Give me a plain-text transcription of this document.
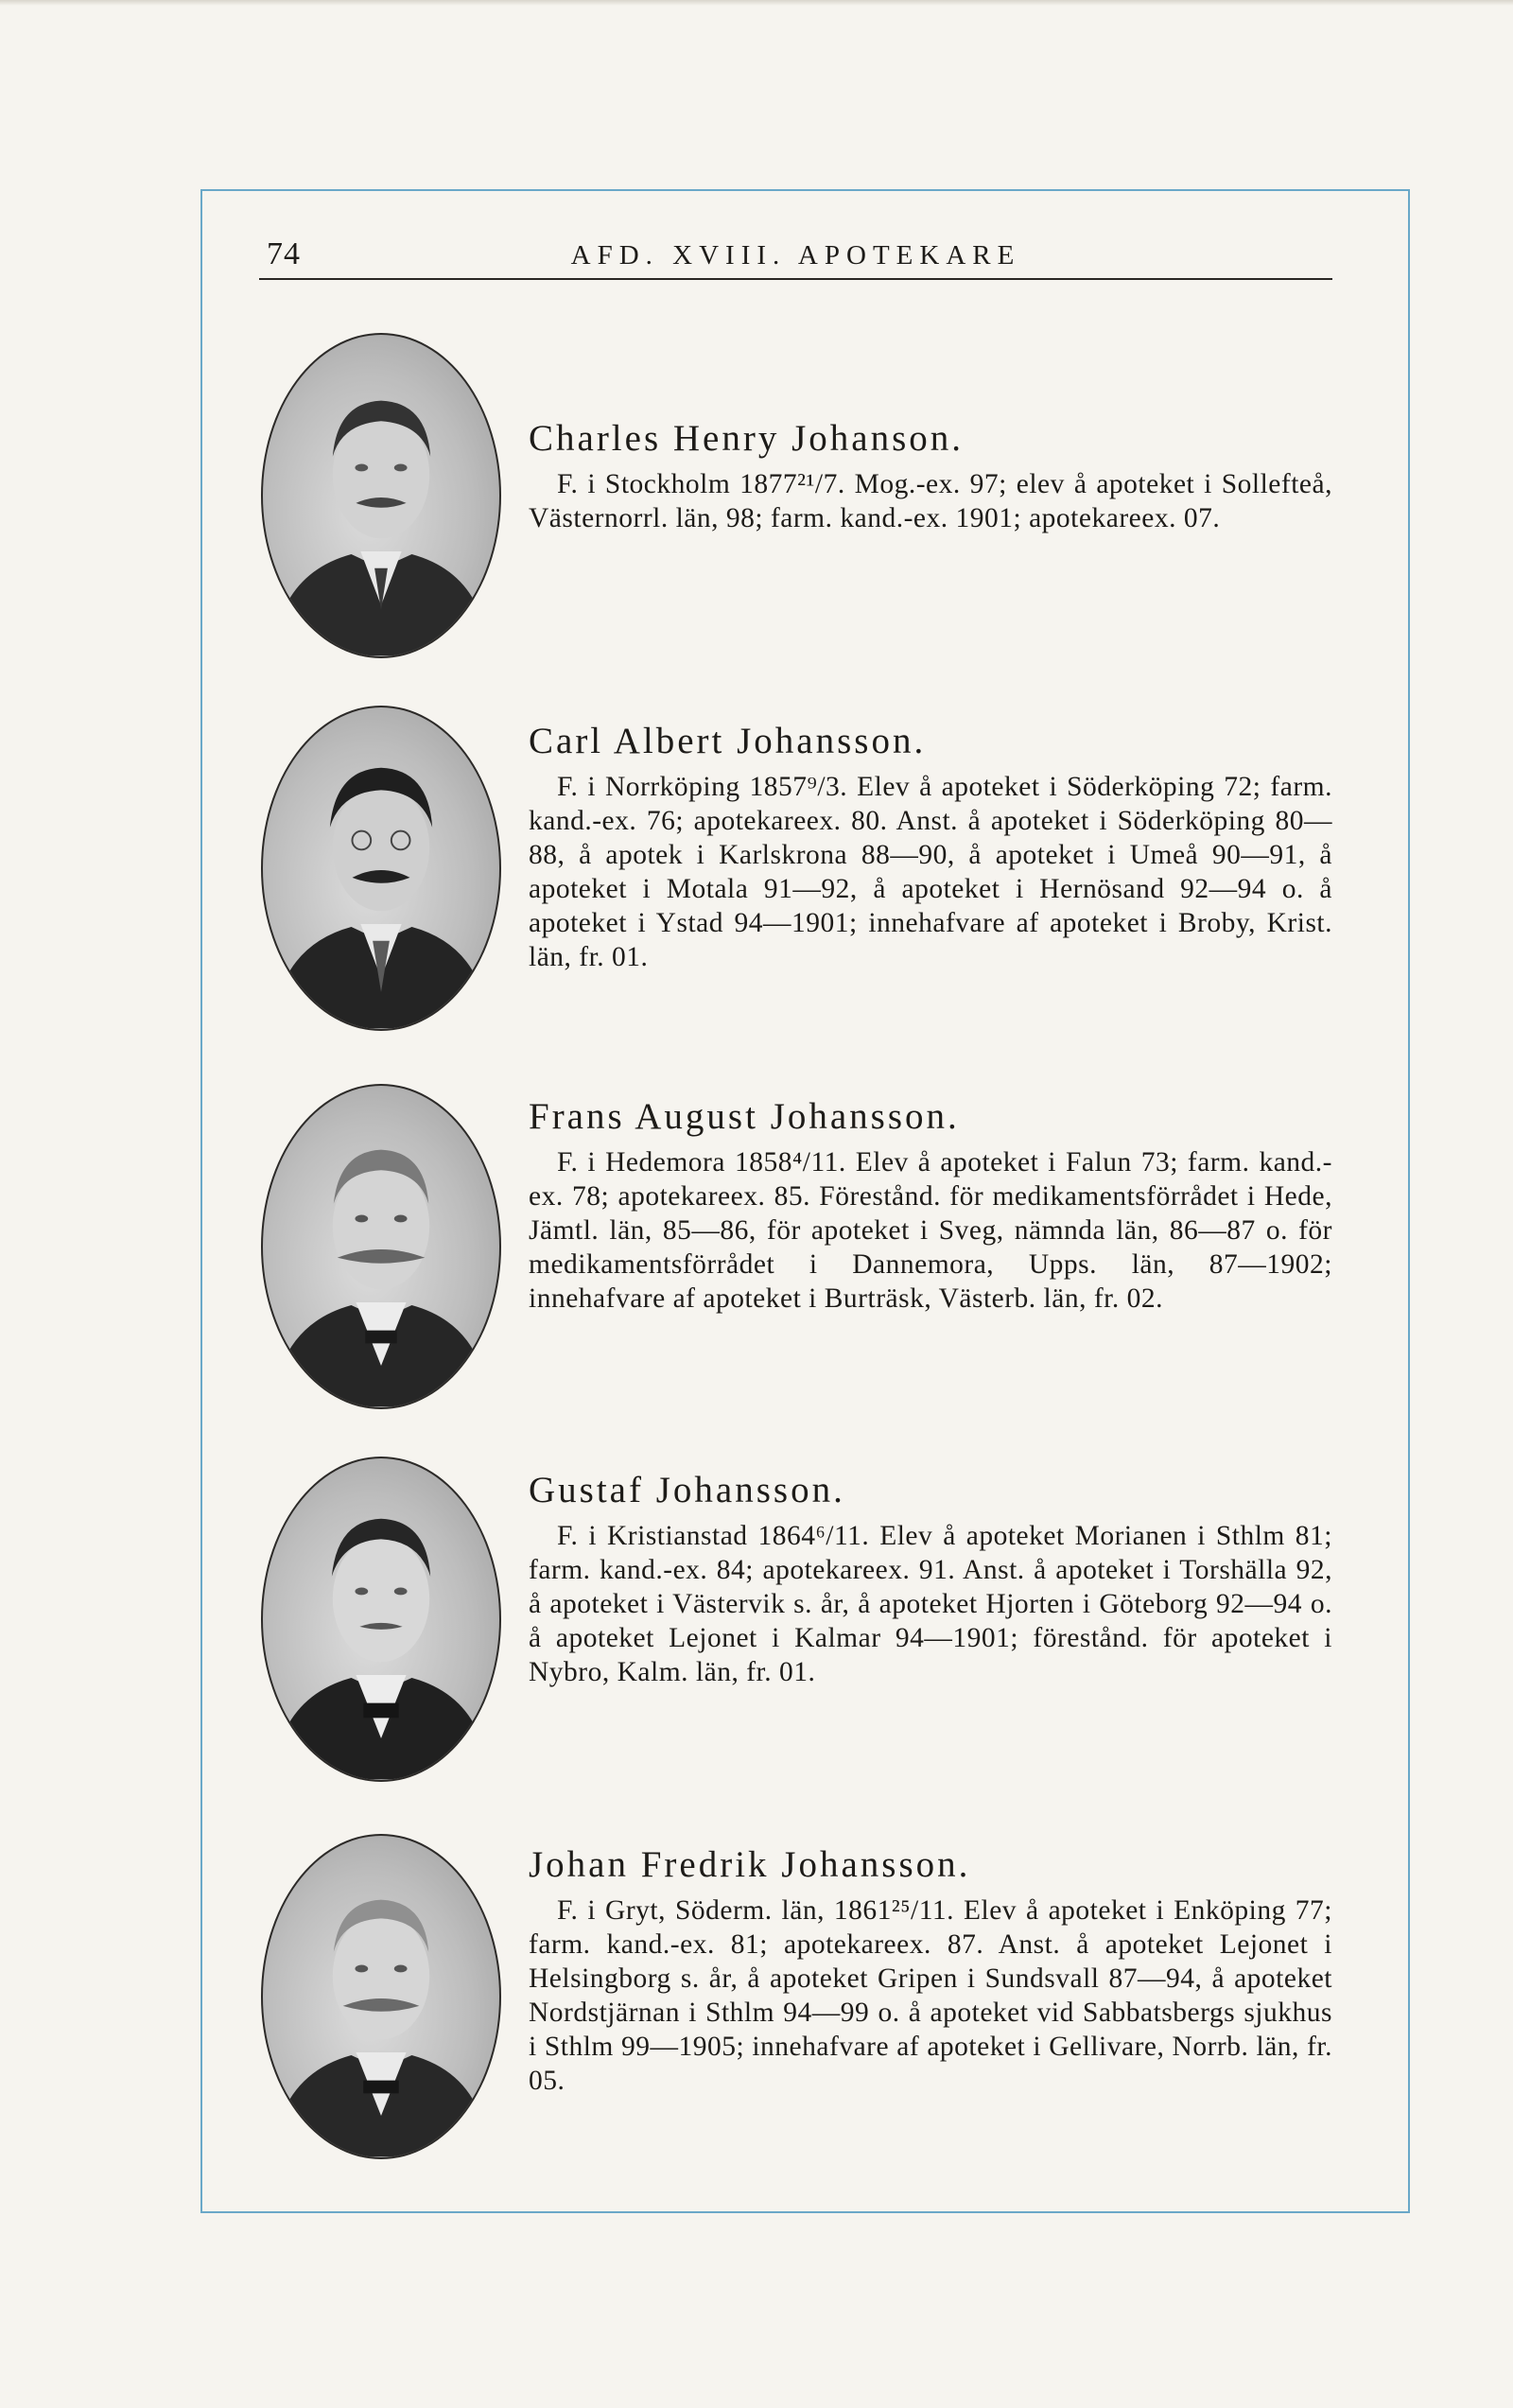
74	AFD. XVIII. APOTEKARE
Charles Henry Johanson.

F. i Stockholm 1877²¹/7. Mog.-ex. 97; elev å apoteket i Sollefteå, Västernorrl. län, 98; farm. kand.-ex. 1901; apotekareex. 07.

Carl Albert Johansson.

F. i Norrköping 1857⁹/3. Elev å apoteket i Söderköping 72; farm. kand.-ex. 76; apotekareex. 80. Anst. å apoteket i Söderköping 80—88, å apotek i Karlskrona 88—90, å apoteket i Umeå 90—91, å apoteket i Motala 91—92, å apoteket i Hernösand 92—94 o. å apoteket i Ystad 94—1901; innehafvare af apoteket i Broby, Krist. län, fr. 01.

Frans August Johansson.

F. i Hedemora 1858⁴/11. Elev å apoteket i Falun 73; farm. kand.-ex. 78; apotekareex. 85. Förestånd. för medikamentsförrådet i Hede, Jämtl. län, 85—86, för apoteket i Sveg, nämnda län, 86—87 o. för medikamentsförrådet i Dannemora, Upps. län, 87—1902; innehafvare af apoteket i Burträsk, Västerb. län, fr. 02.

Gustaf Johansson.

F. i Kristianstad 1864⁶/11. Elev å apoteket Morianen i Sthlm 81; farm. kand.-ex. 84; apotekareex. 91. Anst. å apoteket i Torshälla 92, å apoteket i Västervik s. år, å apoteket Hjorten i Göteborg 92—94 o. å apoteket Lejonet i Kalmar 94—1901; förestånd. för apoteket i Nybro, Kalm. län, fr. 01.

Johan Fredrik Johansson.

F. i Gryt, Söderm. län, 1861²⁵/11. Elev å apoteket i Enköping 77; farm. kand.-ex. 81; apotekareex. 87. Anst. å apoteket Lejonet i Helsingborg s. år, å apoteket Gripen i Sundsvall 87—94, å apoteket Nordstjärnan i Sthlm 94—99 o. å apoteket vid Sabbatsbergs sjukhus i Sthlm 99—1905; innehafvare af apoteket i Gellivare, Norrb. län, fr. 05.
